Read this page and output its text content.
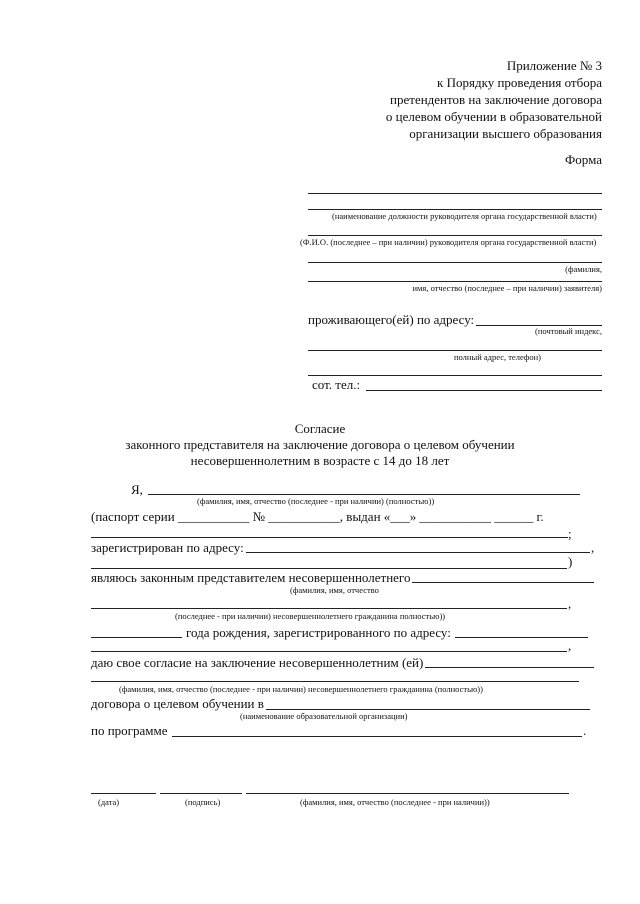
Приложение № 3
к Порядку проведения отбора
претендентов на заключение договора
о целевом обучении в образовательной
организации высшего образования
Форма
(наименование должности руководителя органа государственной власти)
(Ф.И.О. (последнее – при наличии) руководителя органа государственной власти)
(фамилия,
имя, отчество (последнее – при наличии) заявителя)
проживающего(ей) по адресу:
(почтовый индекс,
полный адрес, телефон)
сот. тел.:
Согласие
законного представителя на заключение договора о целевом обучении
несовершеннолетним в возрасте с 14 до 18 лет
Я,
(фамилия, имя, отчество (последнее - при наличии) (полностью))
(паспорт серии ___________ № ___________, выдан «___» ___________ ______ г.
;
зарегистрирован по адресу:	,
)
являюсь законным представителем несовершеннолетнего
(фамилия, имя, отчество
,
(последнее - при наличии) несовершеннолетнего гражданина полностью))
года рождения, зарегистрированного по адресу:
,
даю свое согласие на заключение несовершеннолетним (ей)
(фамилия, имя, отчество (последнее - при наличии) несовершеннолетнего гражданина (полностью))
договора о целевом обучении в
(наименование образовательной организации)
по программе	.
(дата)	(подпись)	(фамилия, имя, отчество (последнее - при наличии))
